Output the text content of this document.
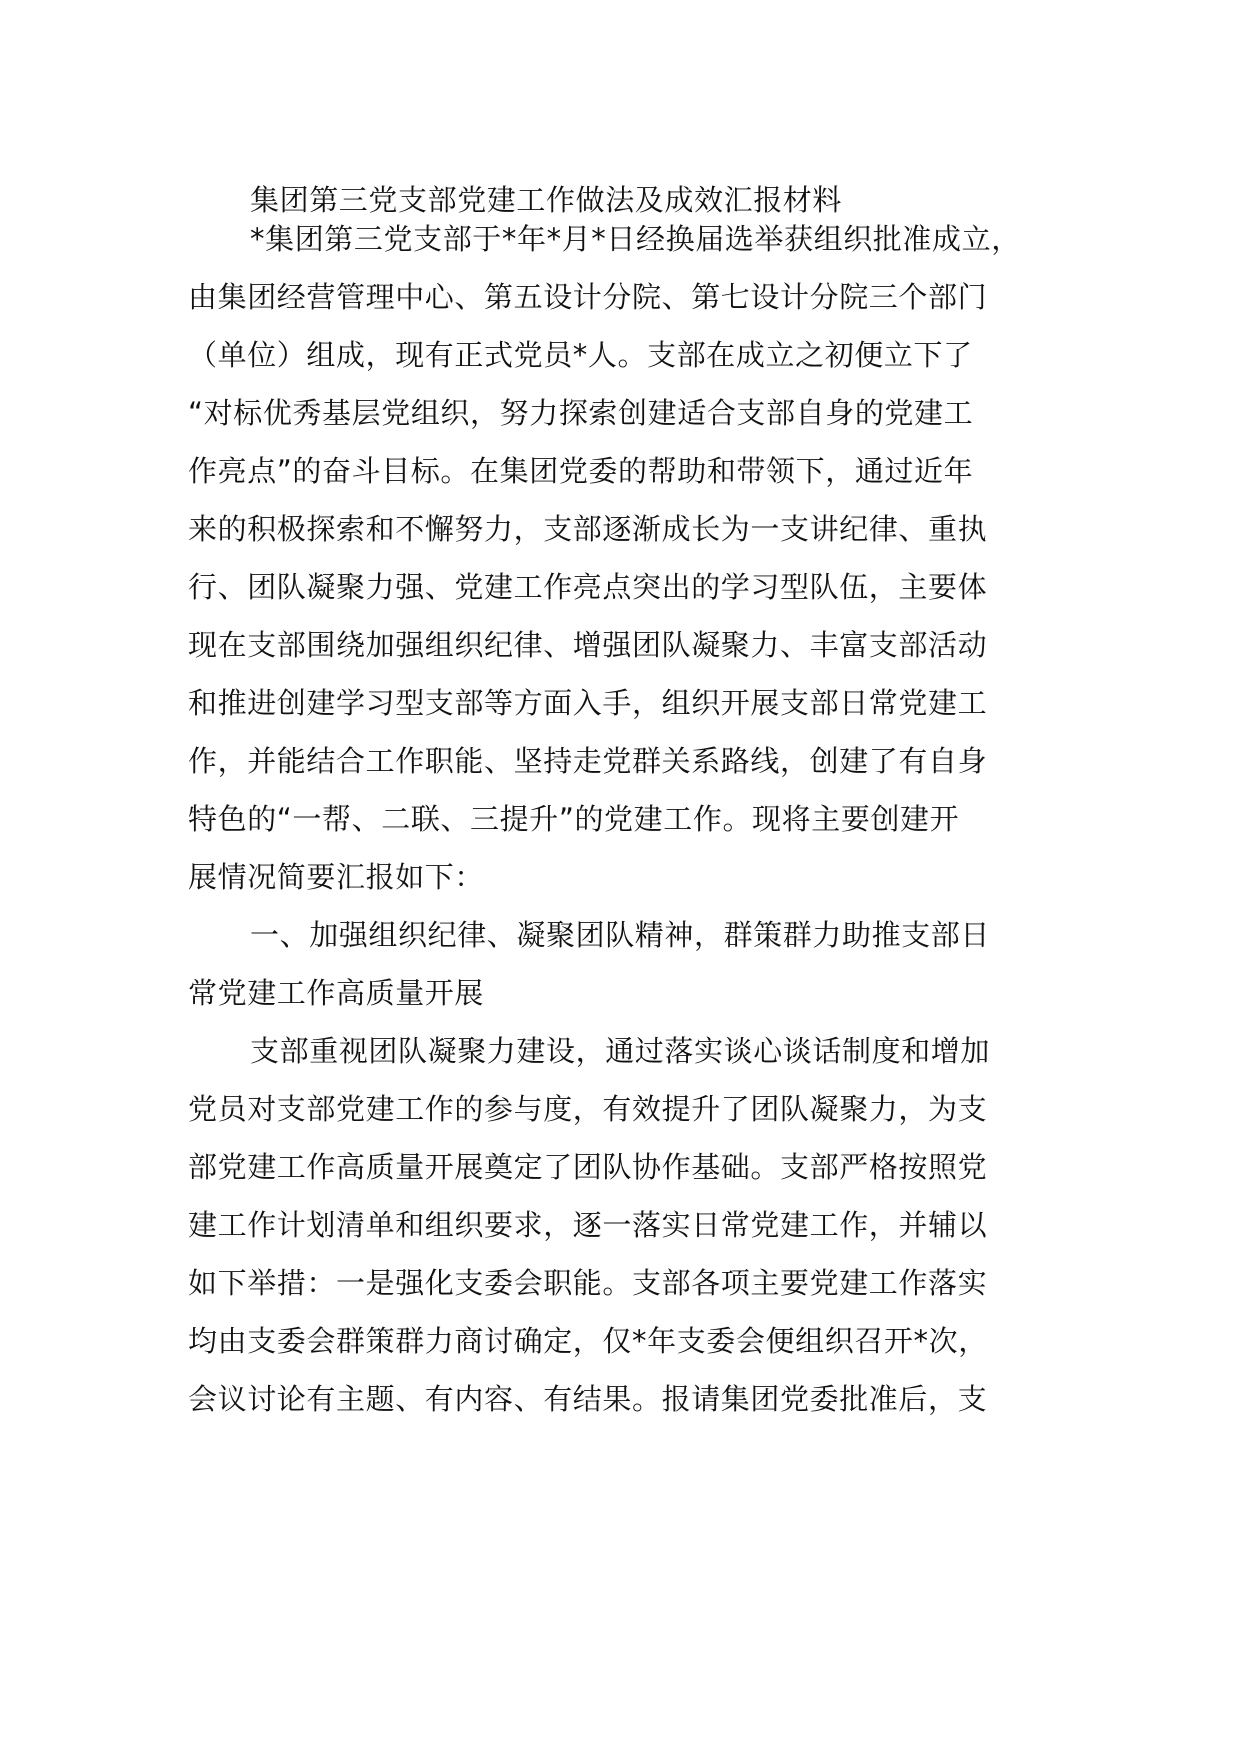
集团第三党支部党建工作做法及成效汇报材料

*集团第三党支部于*年*月*日经换届选举获组织批准成立，

由集团经营管理中心、第五设计分院、第七设计分院三个部门

（单位）组成，现有正式党员*人。支部在成立之初便立下了

“对标优秀基层党组织，努力探索创建适合支部自身的党建工

作亮点”的奋斗目标。在集团党委的帮助和带领下，通过近年

来的积极探索和不懈努力，支部逐渐成长为一支讲纪律、重执

行、团队凝聚力强、党建工作亮点突出的学习型队伍，主要体

现在支部围绕加强组织纪律、增强团队凝聚力、丰富支部活动

和推进创建学习型支部等方面入手，组织开展支部日常党建工

作，并能结合工作职能、坚持走党群关系路线，创建了有自身

特色的“一帮、二联、三提升”的党建工作。现将主要创建开

展情况简要汇报如下：

一、加强组织纪律、凝聚团队精神，群策群力助推支部日

常党建工作高质量开展

支部重视团队凝聚力建设，通过落实谈心谈话制度和增加

党员对支部党建工作的参与度，有效提升了团队凝聚力，为支

部党建工作高质量开展奠定了团队协作基础。支部严格按照党

建工作计划清单和组织要求，逐一落实日常党建工作，并辅以

如下举措：一是强化支委会职能。支部各项主要党建工作落实

均由支委会群策群力商讨确定，仅*年支委会便组织召开*次，

会议讨论有主题、有内容、有结果。报请集团党委批准后，支
